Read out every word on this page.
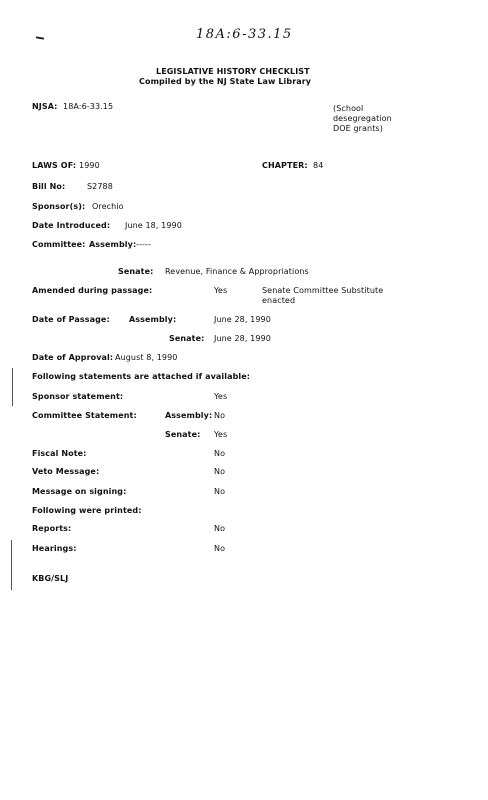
18A:6-33.15
LEGISLATIVE HISTORY CHECKLIST
Compiled by the NJ State Law Library
NJSA: 18A:6-33.15	(School
desegregation
DOE grants)
LAWS OF: 1990	CHAPTER: 84
Bill No:	S2788
Sponsor(s): Orechio
Date Introduced: June 18, 1990
Committee: Assembly: -----
Senate: Revenue, Finance & Appropriations
Amended during passage:	Yes	Senate Committee Substitute
enacted
Date of Passage: Assembly:	June 28, 1990
Senate: June 28, 1990
Date of Approval: August 8, 1990
Following statements are attached if available:
Sponsor statement:	Yes
Committee Statement:	Assembly: No
Senate: Yes
Fiscal Note:	No
Veto Message:	No
Message on signing:	No
Following were printed:
Reports:	No
Hearings:	No
KBG/SLJ
